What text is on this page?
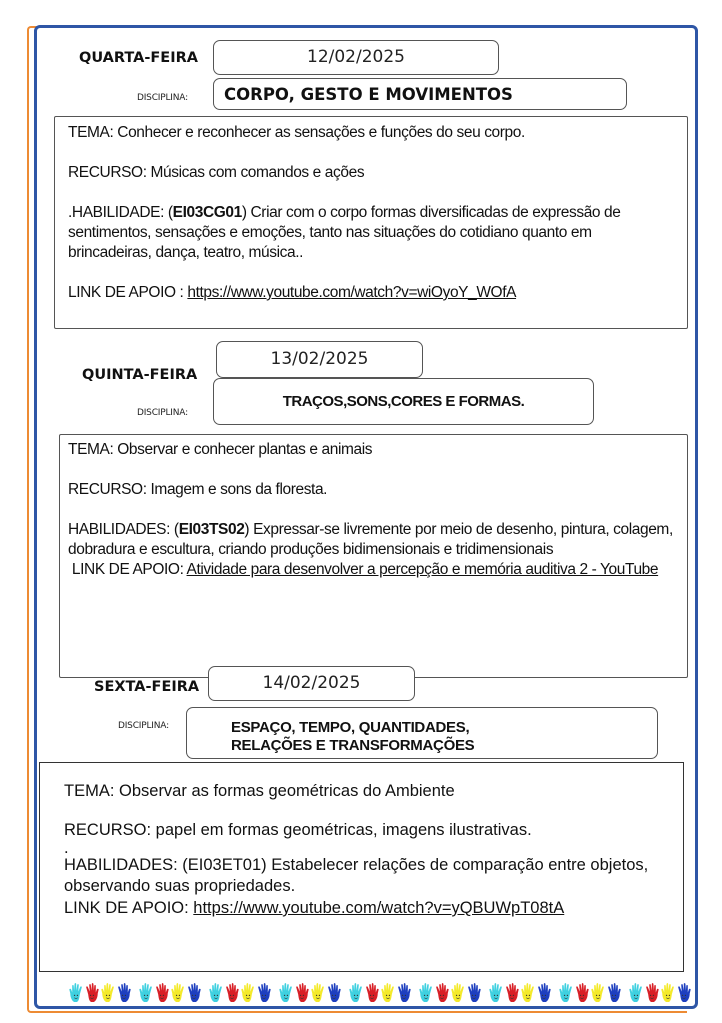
QUARTA-FEIRA	12/02/2025
DISCIPLINA: CORPO, GESTO E MOVIMENTOS

TEMA: Conhecer e reconhecer as sensações e funções do seu corpo.

RECURSO: Músicas com comandos e ações

.HABILIDADE: (EI03CG01) Criar com o corpo formas diversificadas de expressão de sentimentos, sensações e emoções, tanto nas situações do cotidiano quanto em brincadeiras, dança, teatro, música..

LINK DE APOIO : https://www.youtube.com/watch?v=wiOyoY_WOfA

13/02/2025
QUINTA-FEIRA
DISCIPLINA:
TRAÇOS,SONS,CORES E FORMAS.

TEMA: Observar e conhecer plantas e animais

RECURSO: Imagem e sons da floresta.

HABILIDADES: (EI03TS02) Expressar-se livremente por meio de desenho, pintura, colagem, dobradura e escultura, criando produções bidimensionais e tridimensionais

LINK DE APOIO: Atividade para desenvolver a percepção e memória auditiva 2 - YouTube

14/02/2025
SEXTA-FEIRA
DISCIPLINA:	ESPAÇO, TEMPO, QUANTIDADES,
RELAÇÕES E TRANSFORMAÇÕES

TEMA: Observar as formas geométricas do Ambiente

RECURSO: papel em formas geométricas, imagens ilustrativas.

.

HABILIDADES: (EI03ET01) Estabelecer relações de comparação entre objetos, observando suas propriedades.

LINK DE APOIO: https://www.youtube.com/watch?v=yQBUWpT08tA
